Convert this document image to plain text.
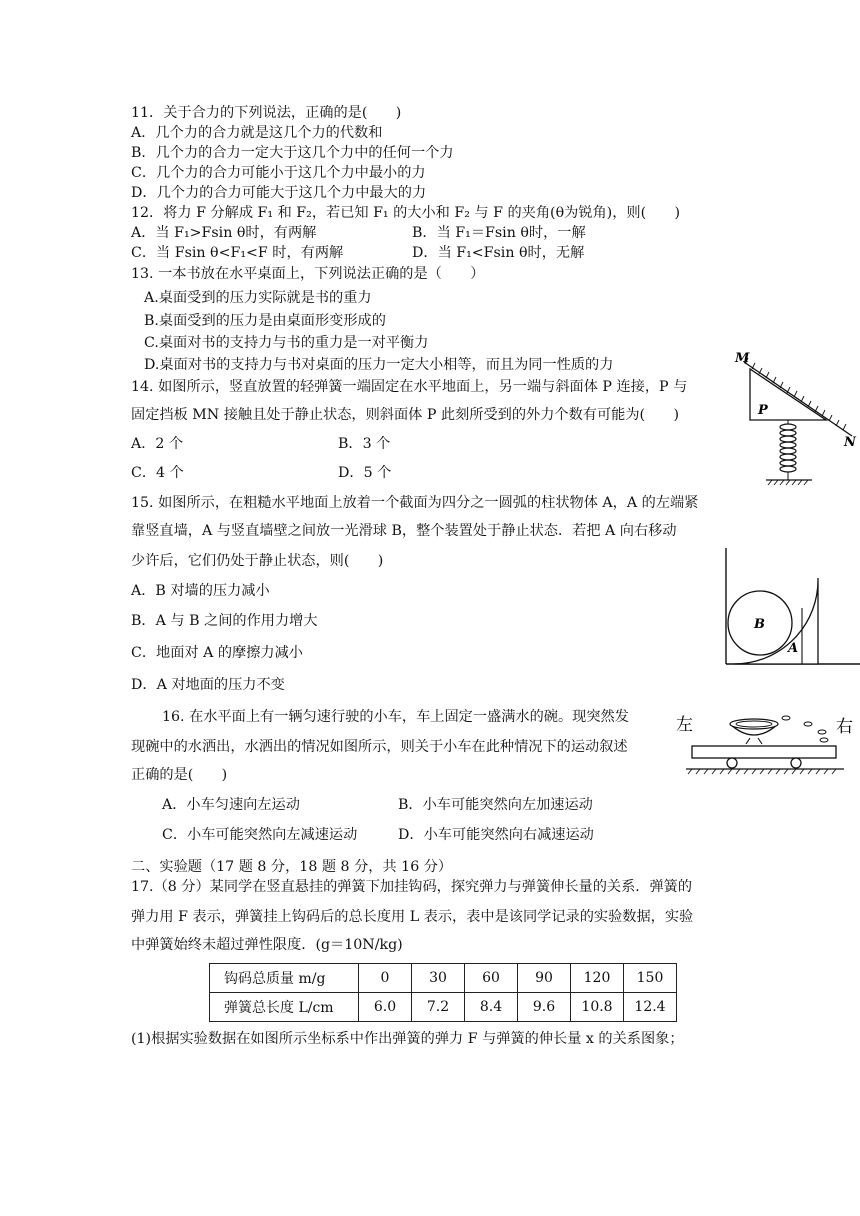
11．关于合力的下列说法，正确的是(　　)
A．几个力的合力就是这几个力的代数和
B．几个力的合力一定大于这几个力中的任何一个力
C．几个力的合力可能小于这几个力中最小的力
D．几个力的合力可能大于这几个力中最大的力
12．将力 F 分解成 F₁ 和 F₂，若已知 F₁ 的大小和 F₂ 与 F 的夹角(θ为锐角)，则(　　)
A．当 F₁>Fsin θ时，有两解	B．当 F₁＝Fsin θ时，一解
C．当 Fsin θ<F₁<F 时，有两解	D．当 F₁<Fsin θ时，无解
13. 一本书放在水平桌面上，下列说法正确的是（　　）
A.桌面受到的压力实际就是书的重力
B.桌面受到的压力是由桌面形变形成的
C.桌面对书的支持力与书的重力是一对平衡力
D.桌面对书的支持力与书对桌面的压力一定大小相等，而且为同一性质的力
14. 如图所示，竖直放置的轻弹簧一端固定在水平地面上，另一端与斜面体 P 连接，P 与
固定挡板 MN 接触且处于静止状态，则斜面体 P 此刻所受到的外力个数有可能为(　　)
A．2 个	B．3 个
C．4 个	D．5 个
P
M
N
15. 如图所示，在粗糙水平地面上放着一个截面为四分之一圆弧的柱状物体 A，A 的左端紧
靠竖直墙，A 与竖直墙壁之间放一光滑球 B，整个装置处于静止状态．若把 A 向右移动
少许后，它们仍处于静止状态，则(　　)
A．B 对墙的压力减小
B．A 与 B 之间的作用力增大
C．地面对 A 的摩擦力减小
D．A 对地面的压力不变
B
A
16. 在水平面上有一辆匀速行驶的小车，车上固定一盛满水的碗。现突然发
现碗中的水洒出，水洒出的情况如图所示，则关于小车在此种情况下的运动叙述
正确的是(　　)
A．小车匀速向左运动	B．小车可能突然向左加速运动
C．小车可能突然向左减速运动	D．小车可能突然向右减速运动
左	右
二、实验题（17 题 8 分，18 题 8 分，共 16 分）
17.（8 分）某同学在竖直悬挂的弹簧下加挂钩码，探究弹力与弹簧伸长量的关系．弹簧的
弹力用 F 表示，弹簧挂上钩码后的总长度用 L 表示，表中是该同学记录的实验数据，实验
中弹簧始终未超过弹性限度．(g＝10N/kg)
钩码总质量 m/g	0	30	60	90	120	150
弹簧总长度 L/cm	6.0	7.2	8.4	9.6	10.8	12.4
(1)根据实验数据在如图所示坐标系中作出弹簧的弹力 F 与弹簧的伸长量 x 的关系图象；
